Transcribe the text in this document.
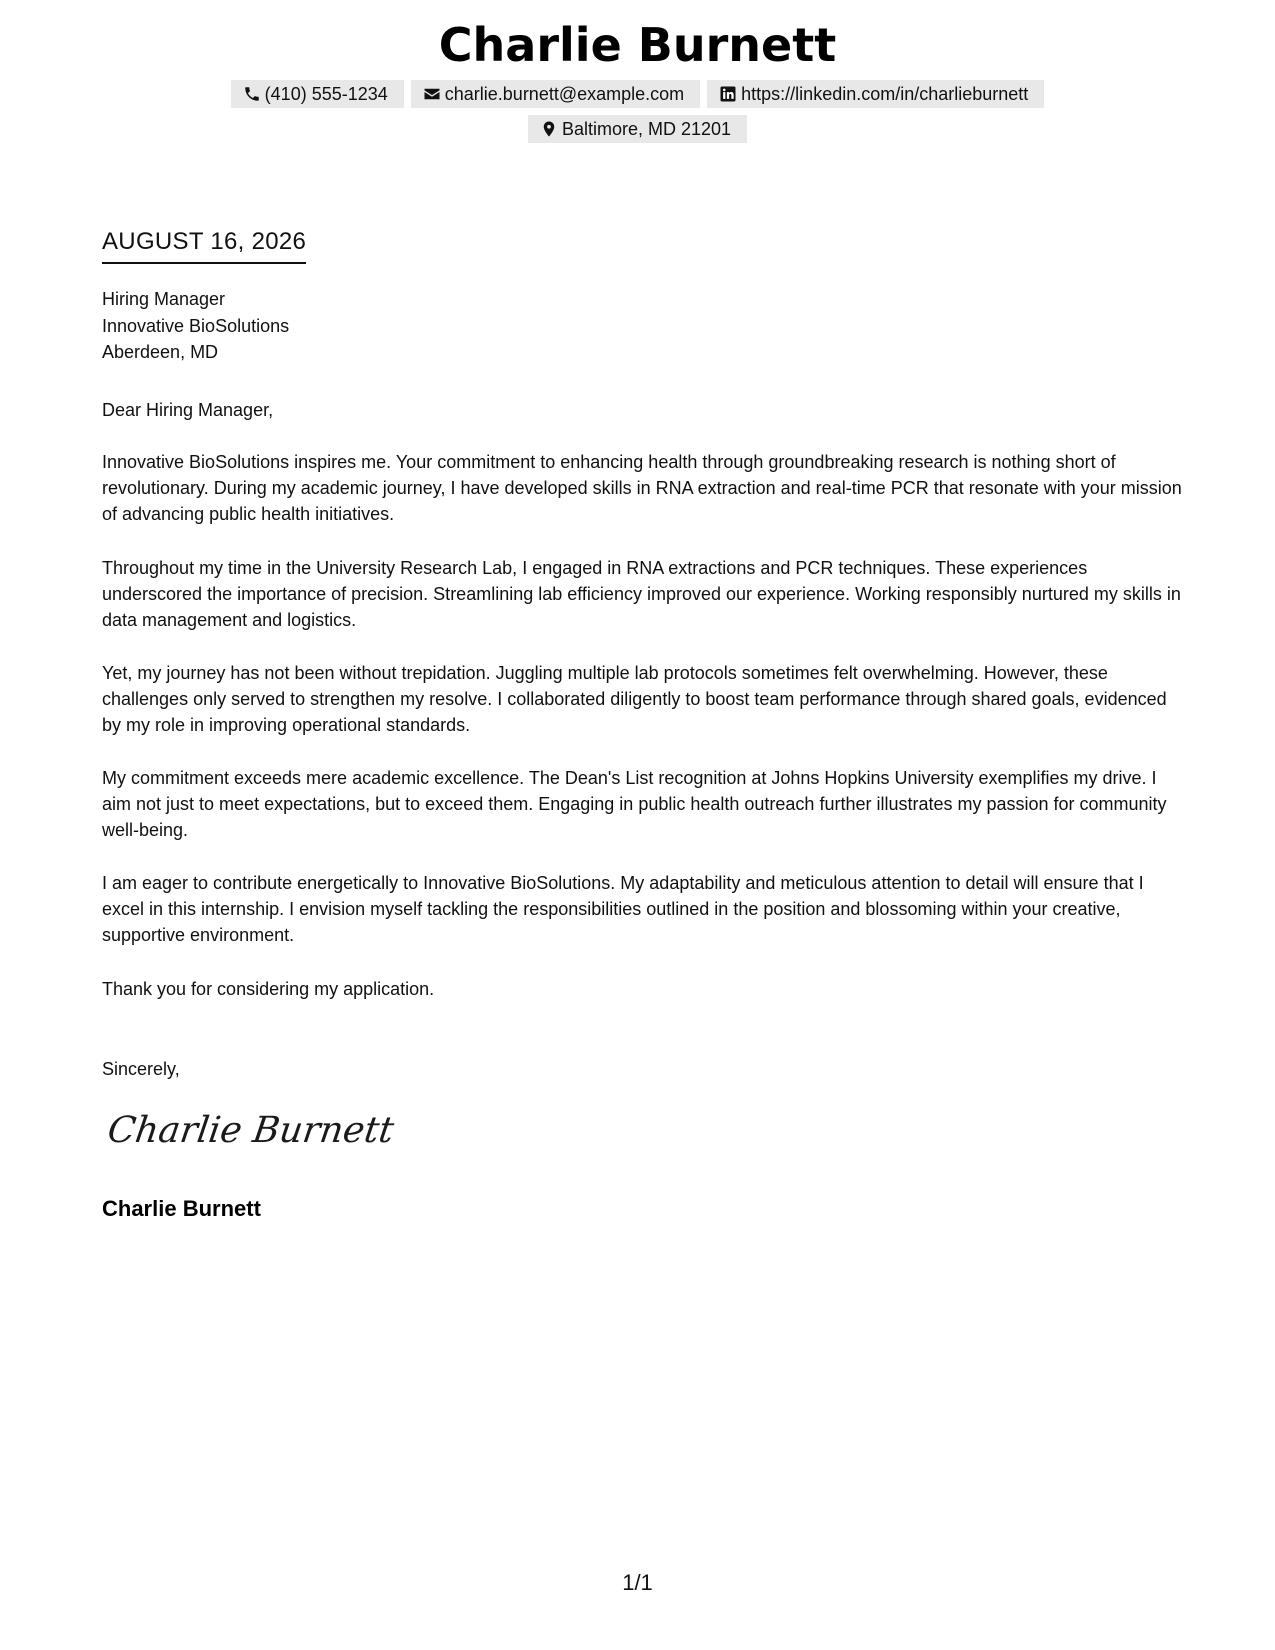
Charlie Burnett
(410) 555-1234	charlie.burnett@example.com	https://linkedin.com/in/charlieburnett
Baltimore, MD 21201
AUGUST 16, 2026
Hiring Manager
Innovative BioSolutions
Aberdeen, MD

Dear Hiring Manager,

Innovative BioSolutions inspires me. Your commitment to enhancing health through groundbreaking research is nothing short of revolutionary. During my academic journey, I have developed skills in RNA extraction and real-time PCR that resonate with your mission of advancing public health initiatives.

Throughout my time in the University Research Lab, I engaged in RNA extractions and PCR techniques. These experiences underscored the importance of precision. Streamlining lab efficiency improved our experience. Working responsibly nurtured my skills in data management and logistics.

Yet, my journey has not been without trepidation. Juggling multiple lab protocols sometimes felt overwhelming. However, these challenges only served to strengthen my resolve. I collaborated diligently to boost team performance through shared goals, evidenced by my role in improving operational standards.

My commitment exceeds mere academic excellence. The Dean's List recognition at Johns Hopkins University exemplifies my drive. I aim not just to meet expectations, but to exceed them. Engaging in public health outreach further illustrates my passion for community well-being.

I am eager to contribute energetically to Innovative BioSolutions. My adaptability and meticulous attention to detail will ensure that I excel in this internship. I envision myself tackling the responsibilities outlined in the position and blossoming within your creative, supportive environment.

Thank you for considering my application.

Sincerely,

Charlie Burnett
Charlie Burnett
1/1
